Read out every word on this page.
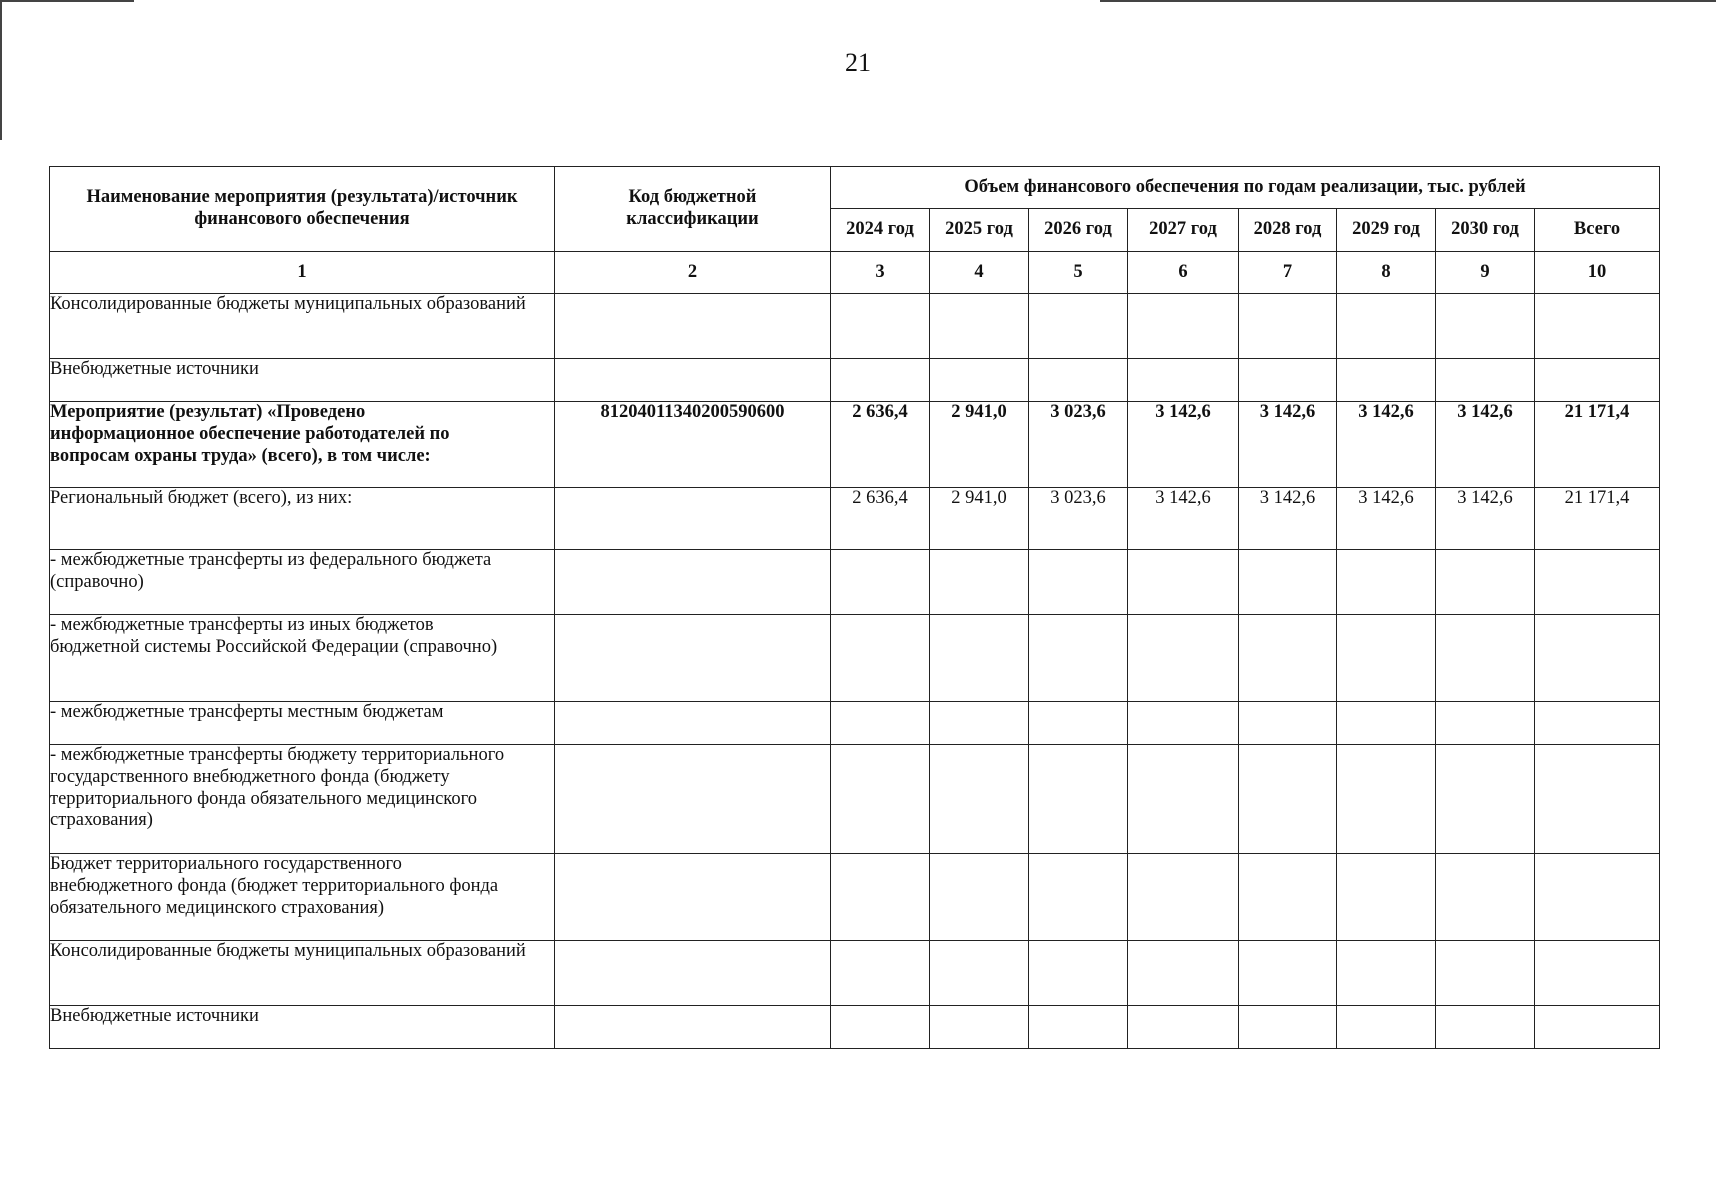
21
Наименование мероприятия (результата)/источник финансового обеспечения	Код бюджетной классификации	Объем финансового обеспечения по годам реализации, тыс. рублей							
		2024 год	2025 год	2026 год	2027 год	2028 год	2029 год	2030 год	Всего
1	2	3	4	5	6	7	8	9	10
Консолидированные бюджеты муниципальных образований									
Внебюджетные источники									
Мероприятие (результат) «Проведено информационное обеспечение работодателей по вопросам охраны труда» (всего), в том числе:	81204011340200590600	2 636,4	2 941,0	3 023,6	3 142,6	3 142,6	3 142,6	3 142,6	21 171,4
Региональный бюджет (всего), из них:		2 636,4	2 941,0	3 023,6	3 142,6	3 142,6	3 142,6	3 142,6	21 171,4
- межбюджетные трансферты из федерального бюджета (справочно)									
- межбюджетные трансферты из иных бюджетов бюджетной системы Российской Федерации (справочно)									
- межбюджетные трансферты местным бюджетам									
- межбюджетные трансферты бюджету территориального государственного внебюджетного фонда (бюджету территориального фонда обязательного медицинского страхования)									
Бюджет территориального государственного внебюджетного фонда (бюджет территориального фонда обязательного медицинского страхования)									
Консолидированные бюджеты муниципальных образований									
Внебюджетные источники									
